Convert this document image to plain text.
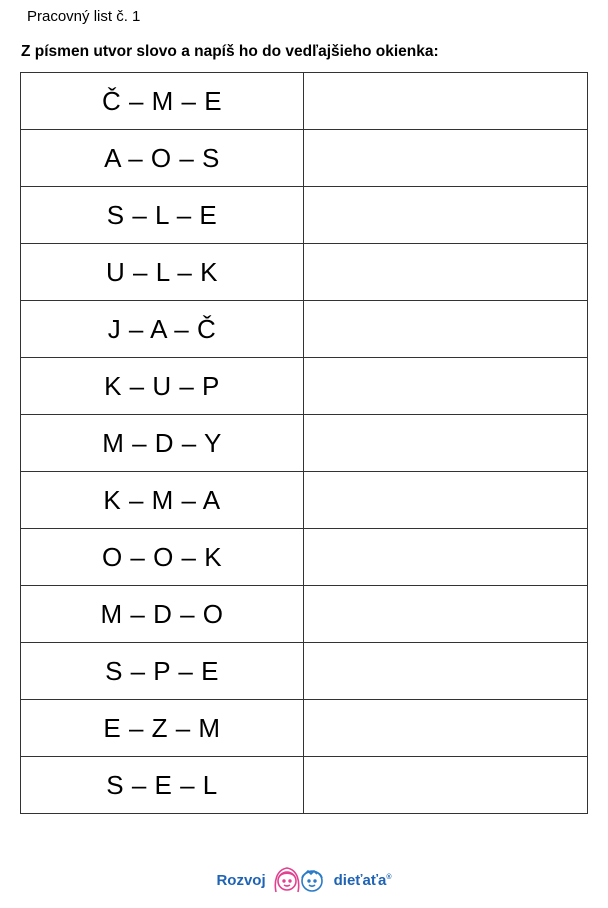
Pracovný list č. 1
Z písmen utvor slovo a napíš ho do vedľajšieho okienka:
Č – M – E	
A – O – S	
S – L – E	
U – L – K	
J – A – Č	
K – U – P	
M – D – Y	
K – M – A	
O – O – K	
M – D – O	
S – P – E	
E – Z – M	
S – E – L	
Rozvoj	dieťaťa®
